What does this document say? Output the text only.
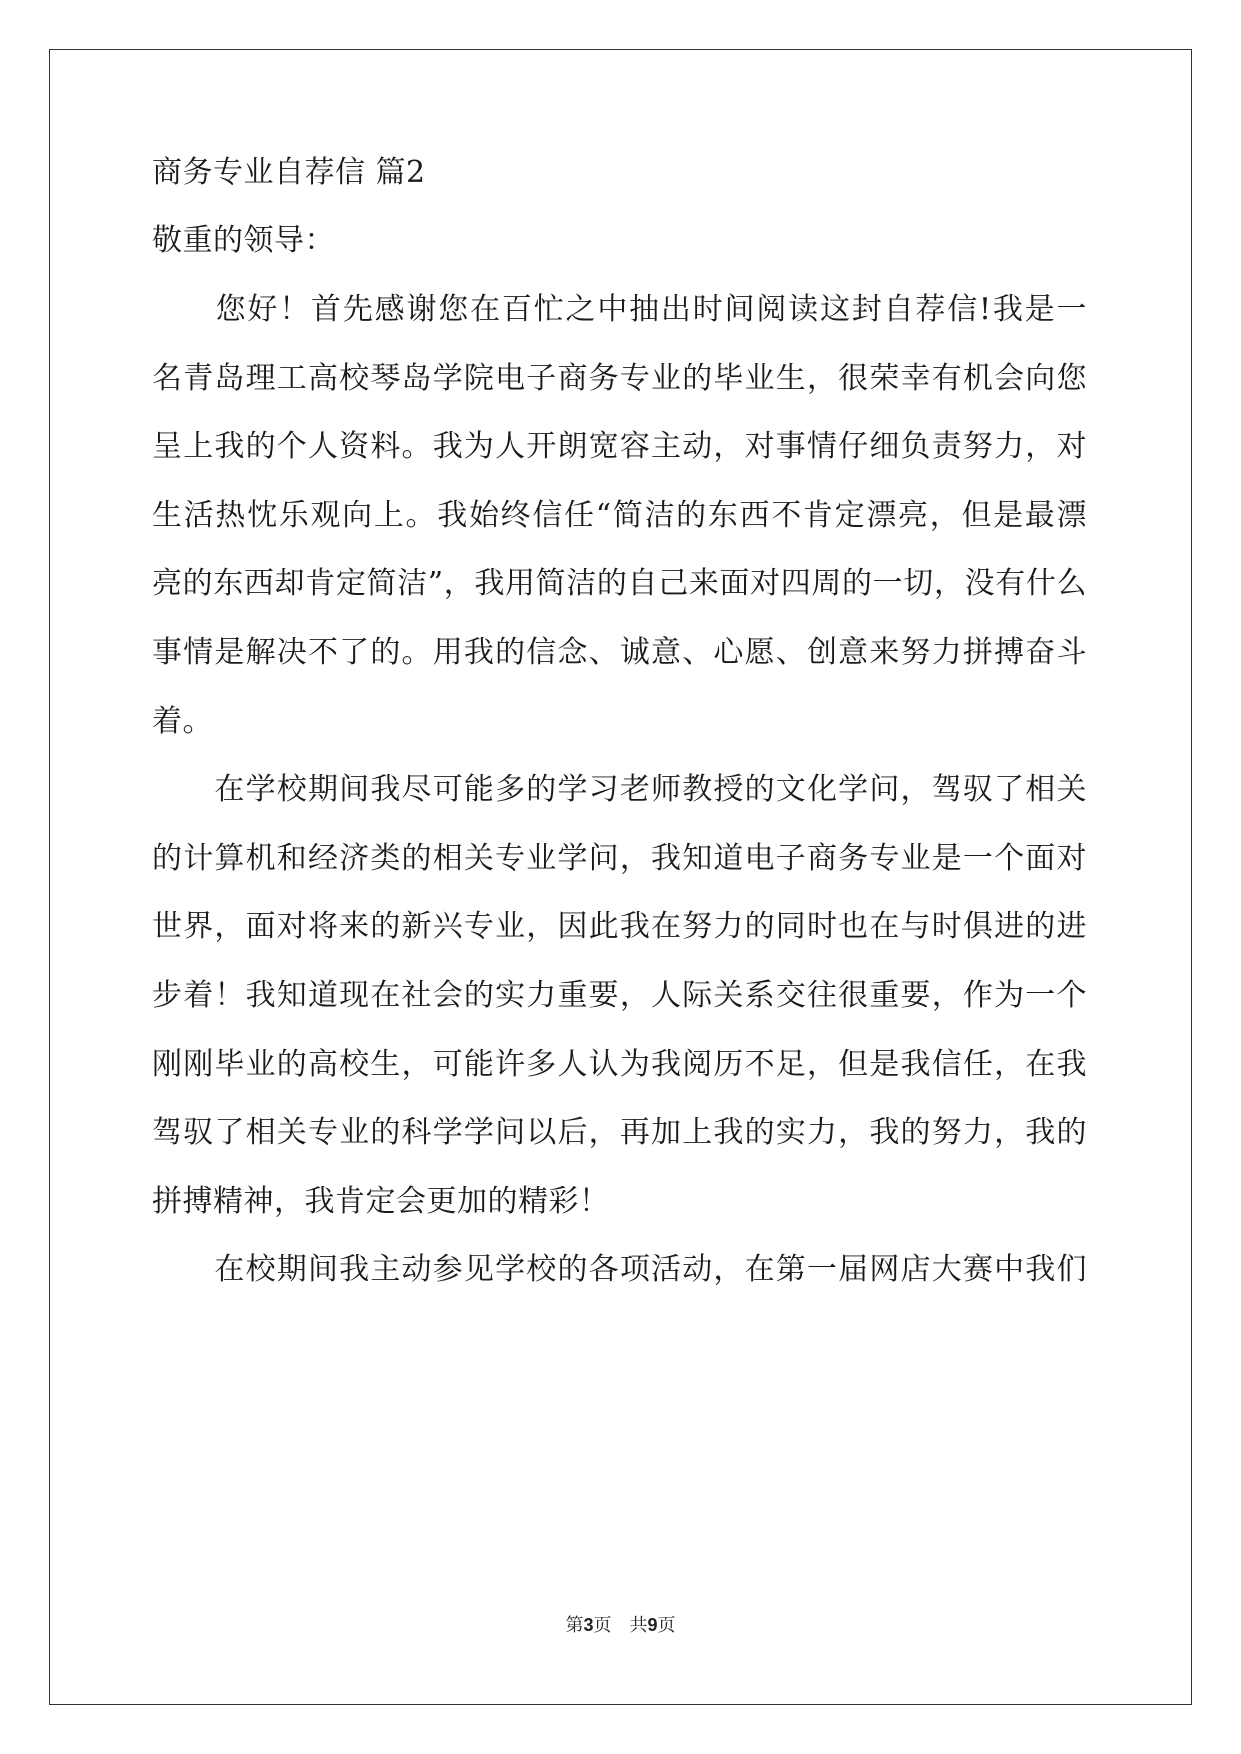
商务专业自荐信 篇2
敬重的领导：
　　您好！首先感谢您在百忙之中抽出时间阅读这封自荐信!我是一
名青岛理工高校琴岛学院电子商务专业的毕业生，很荣幸有机会向您
呈上我的个人资料。我为人开朗宽容主动，对事情仔细负责努力，对
生活热忱乐观向上。我始终信任“简洁的东西不肯定漂亮，但是最漂
亮的东西却肯定简洁”，我用简洁的自己来面对四周的一切，没有什么
事情是解决不了的。用我的信念、诚意、心愿、创意来努力拼搏奋斗
着。
　　在学校期间我尽可能多的学习老师教授的文化学问，驾驭了相关
的计算机和经济类的相关专业学问，我知道电子商务专业是一个面对
世界，面对将来的新兴专业，因此我在努力的同时也在与时俱进的进
步着！我知道现在社会的实力重要，人际关系交往很重要，作为一个
刚刚毕业的高校生，可能许多人认为我阅历不足，但是我信任，在我
驾驭了相关专业的科学学问以后，再加上我的实力，我的努力，我的
拼搏精神，我肯定会更加的精彩！
　　在校期间我主动参见学校的各项活动，在第一届网店大赛中我们
第3页　共9页
